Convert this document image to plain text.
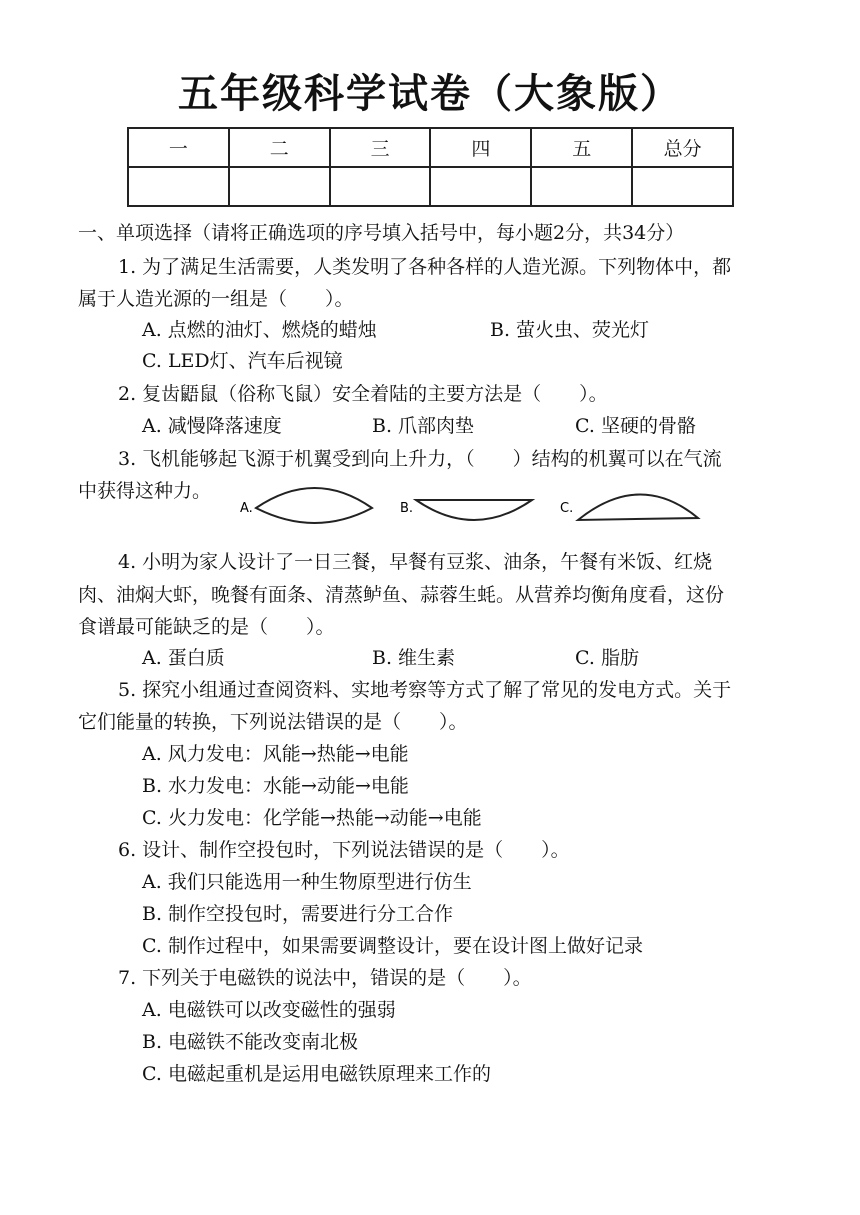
五年级科学试卷（大象版）
一	二	三	四	五	总分

一、单项选择（请将正确选项的序号填入括号中，每小题2分，共34分）
1. 为了满足生活需要，人类发明了各种各样的人造光源。下列物体中，都
属于人造光源的一组是（　　）。
A. 点燃的油灯、燃烧的蜡烛	B. 萤火虫、荧光灯
C. LED灯、汽车后视镜
2. 复齿鼯鼠（俗称飞鼠）安全着陆的主要方法是（　　）。
A. 减慢降落速度	B. 爪部肉垫	C. 坚硬的骨骼
3. 飞机能够起飞源于机翼受到向上升力，（　　）结构的机翼可以在气流
中获得这种力。
A.	B.	C.
4. 小明为家人设计了一日三餐，早餐有豆浆、油条，午餐有米饭、红烧
肉、油焖大虾，晚餐有面条、清蒸鲈鱼、蒜蓉生蚝。从营养均衡角度看，这份
食谱最可能缺乏的是（　　）。
A. 蛋白质	B. 维生素	C. 脂肪
5. 探究小组通过查阅资料、实地考察等方式了解了常见的发电方式。关于
它们能量的转换，下列说法错误的是（　　）。
A. 风力发电：风能→热能→电能
B. 水力发电：水能→动能→电能
C. 火力发电：化学能→热能→动能→电能
6. 设计、制作空投包时，下列说法错误的是（　　）。
A. 我们只能选用一种生物原型进行仿生
B. 制作空投包时，需要进行分工合作
C. 制作过程中，如果需要调整设计，要在设计图上做好记录
7. 下列关于电磁铁的说法中，错误的是（　　）。
A. 电磁铁可以改变磁性的强弱
B. 电磁铁不能改变南北极
C. 电磁起重机是运用电磁铁原理来工作的
